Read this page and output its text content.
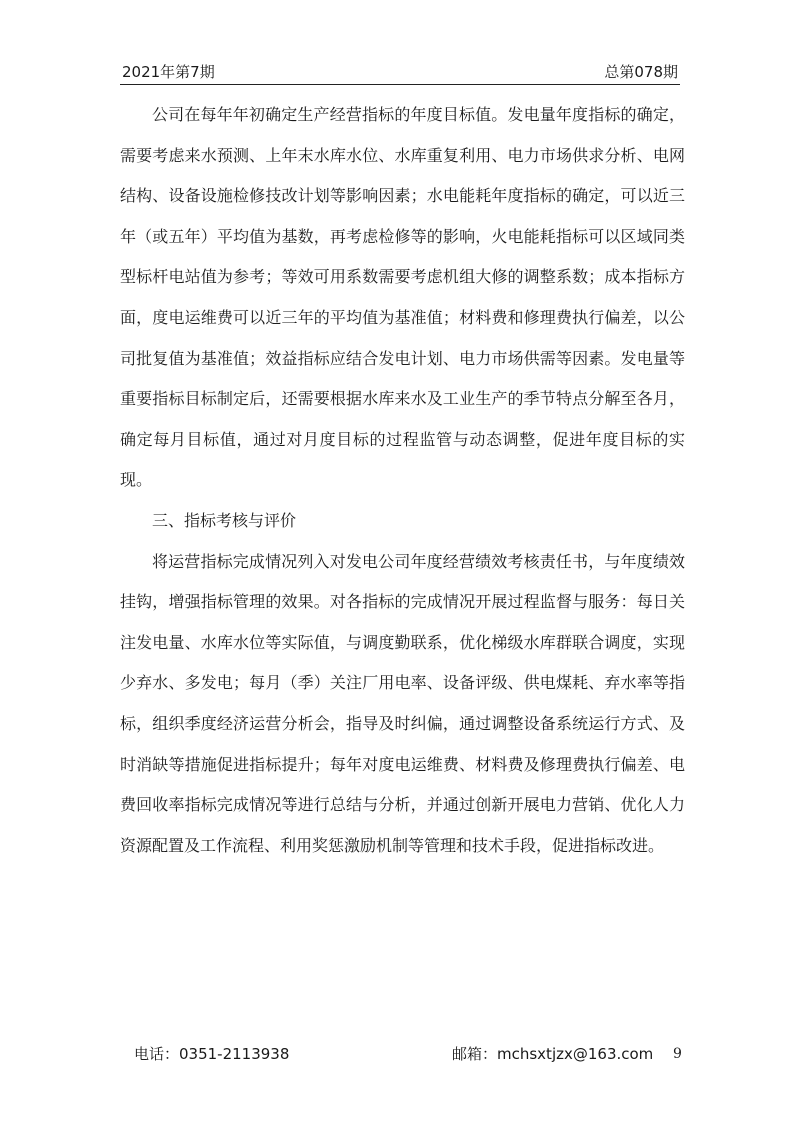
2021年第7期	总第078期

公司在每年年初确定生产经营指标的年度目标值。发电量年度指标的确定，需要考虑来水预测、上年末水库水位、水库重复利用、电力市场供求分析、电网结构、设备设施检修技改计划等影响因素；水电能耗年度指标的确定，可以近三年（或五年）平均值为基数，再考虑检修等的影响，火电能耗指标可以区域同类型标杆电站值为参考；等效可用系数需要考虑机组大修的调整系数；成本指标方面，度电运维费可以近三年的平均值为基准值；材料费和修理费执行偏差，以公司批复值为基准值；效益指标应结合发电计划、电力市场供需等因素。发电量等重要指标目标制定后，还需要根据水库来水及工业生产的季节特点分解至各月，确定每月目标值，通过对月度目标的过程监管与动态调整，促进年度目标的实现。

三、指标考核与评价

将运营指标完成情况列入对发电公司年度经营绩效考核责任书，与年度绩效挂钩，增强指标管理的效果。对各指标的完成情况开展过程监督与服务：每日关注发电量、水库水位等实际值，与调度勤联系，优化梯级水库群联合调度，实现少弃水、多发电；每月（季）关注厂用电率、设备评级、供电煤耗、弃水率等指标，组织季度经济运营分析会，指导及时纠偏，通过调整设备系统运行方式、及时消缺等措施促进指标提升；每年对度电运维费、材料费及修理费执行偏差、电费回收率指标完成情况等进行总结与分析，并通过创新开展电力营销、优化人力资源配置及工作流程、利用奖惩激励机制等管理和技术手段，促进指标改进。

电话：0351-2113938	邮箱：mchsxtjzx@163.com 9
